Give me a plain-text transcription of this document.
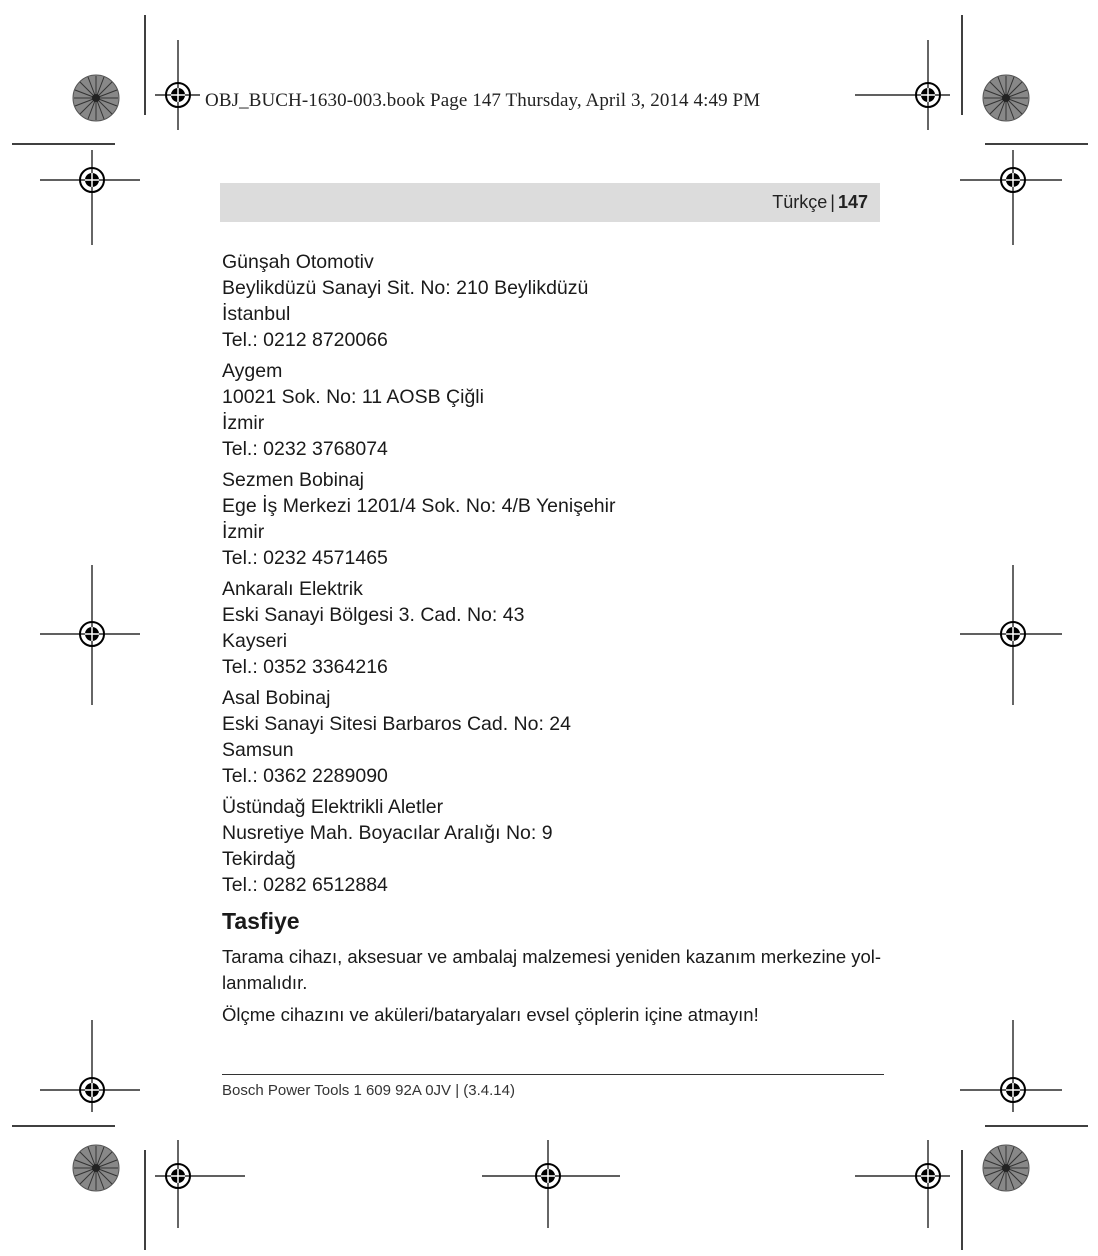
OBJ_BUCH-1630-003.book Page 147 Thursday, April 3, 2014 4:49 PM
Türkçe | 147
Günşah Otomotiv
Beylikdüzü Sanayi Sit. No: 210 Beylikdüzü
İstanbul
Tel.: 0212 8720066
Aygem
10021 Sok. No: 11 AOSB Çiğli
İzmir
Tel.: 0232 3768074
Sezmen Bobinaj
Ege İş Merkezi 1201/4 Sok. No: 4/B Yenişehir
İzmir
Tel.: 0232 4571465
Ankaralı Elektrik
Eski Sanayi Bölgesi 3. Cad. No: 43
Kayseri
Tel.: 0352 3364216
Asal Bobinaj
Eski Sanayi Sitesi Barbaros Cad. No: 24
Samsun
Tel.: 0362 2289090
Üstündağ Elektrikli Aletler
Nusretiye Mah. Boyacılar Aralığı No: 9
Tekirdağ
Tel.: 0282 6512884
Tasfiye
Tarama cihazı, aksesuar ve ambalaj malzemesi yeniden kazanım merkezine yol-
lanmalıdır.
Ölçme cihazını ve aküleri/bataryaları evsel çöplerin içine atmayın!
Bosch Power Tools 1 609 92A 0JV | (3.4.14)
